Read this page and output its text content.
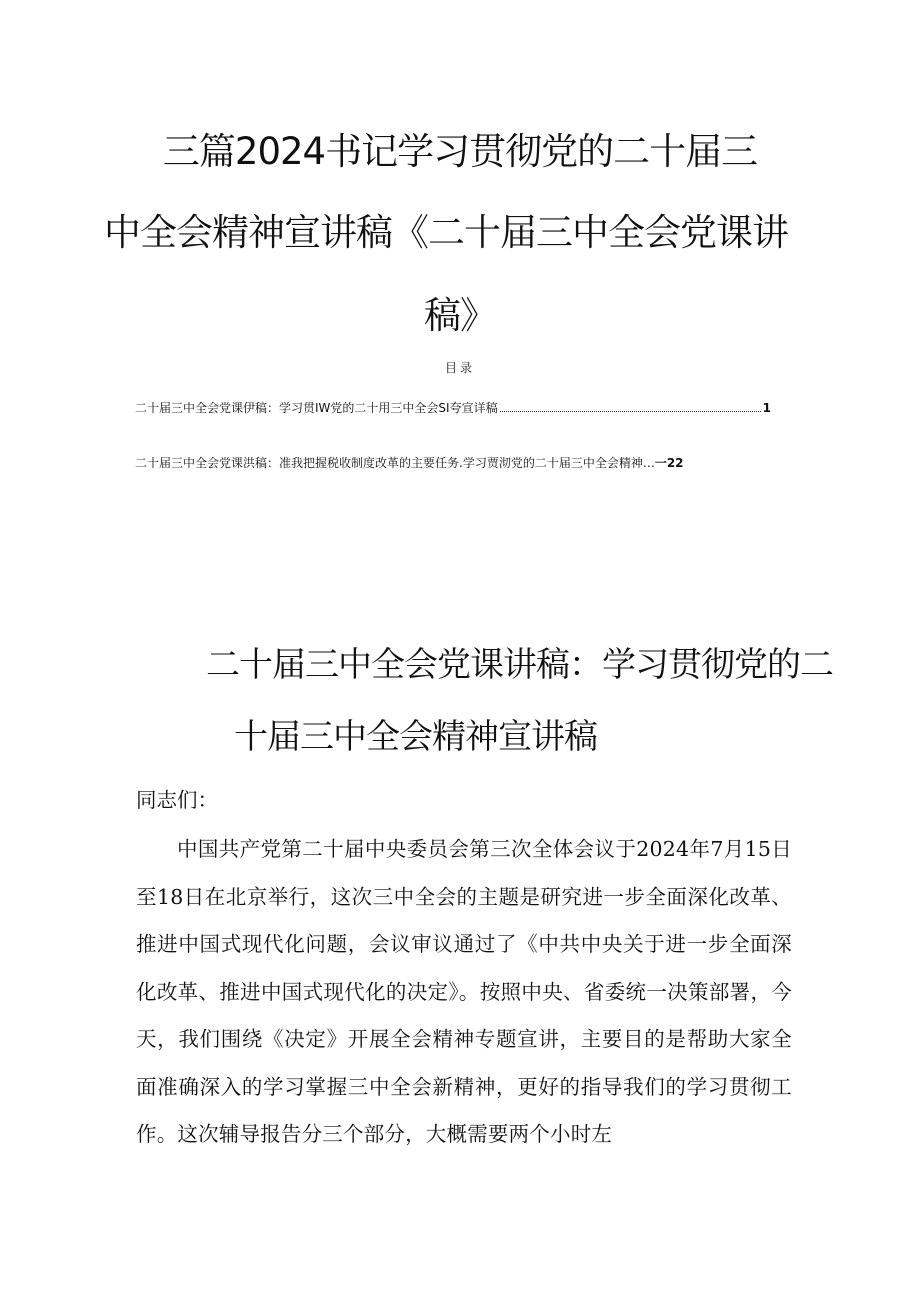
三篇2024书记学习贯彻党的二十届三
中全会精神宣讲稿《二十届三中全会党课讲
稿》
目录
二十届三中全会党课伊稿：学习贯IW党的二十用三中全会SI夸宣详稿	1
二十届三中全会党课洪稿：准我把握税收制度改革的主要任务.学习贾沏党的二十届三中全会精神… 一22
二十届三中全会党课讲稿：学习贯彻党的二
十届三中全会精神宣讲稿

同志们：

中国共产党第二十届中央委员会第三次全体会议于2024年7月15日至18日在北京举行，这次三中全会的主题是研究进一步全面深化改革、推进中国式现代化问题，会议审议通过了《中共中央关于进一步全面深化改革、推进中国式现代化的决定》。按照中央、省委统一决策部署，今天，我们围绕《决定》开展全会精神专题宣讲，主要目的是帮助大家全面准确深入的学习掌握三中全会新精神，更好的指导我们的学习贯彻工作。这次辅导报告分三个部分，大概需要两个小时左
